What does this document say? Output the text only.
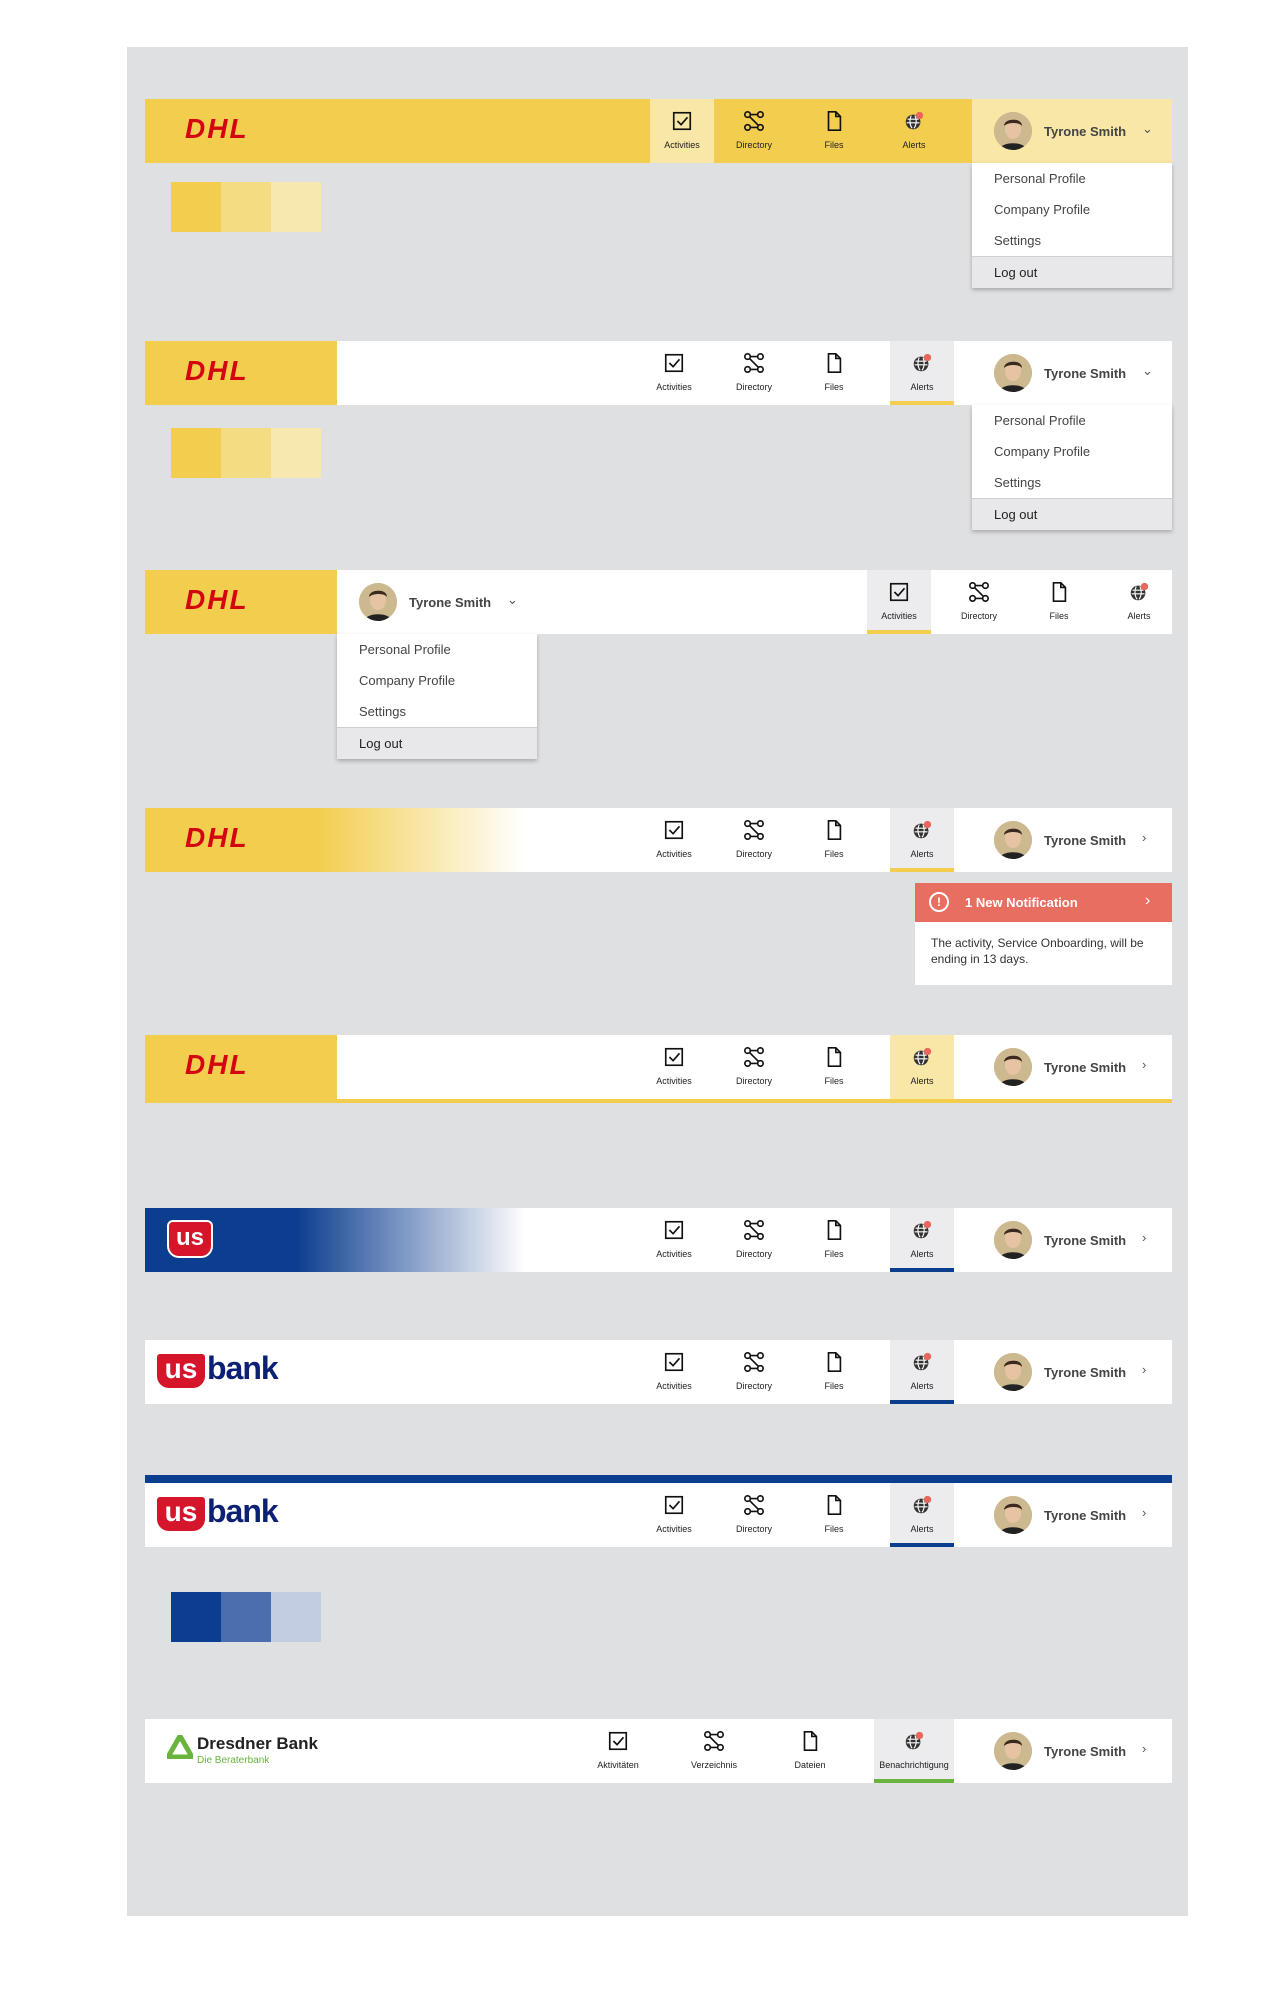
DHL
Activities	Directory	Files	Alerts
Tyrone Smith ⌄
Personal Profile
Company Profile
Settings
Log out
DHL
Activities	Directory	Files	Alerts
Tyrone Smith ⌄
Personal Profile
Company Profile
Settings
Log out
DHL	Tyrone Smith ⌄
Activities	Directory	Files	Alerts
Personal Profile
Company Profile
Settings
Log out
DHL
Activities	Directory	Files	Alerts
Tyrone Smith ›
!	1 New Notification	›
The activity, Service Onboarding, will be ending in 13 days.
DHL
Activities	Directory	Files	Alerts
Tyrone Smith ›
us
Activities	Directory	Files	Alerts
Tyrone Smith ›
us bank	Activities	Directory	Files	Alerts
Tyrone Smith ›
us bank	Activities	Directory	Files	Alerts
Tyrone Smith ›
Dresdner Bank
Die Beraterbank	Aktivitäten	Verzeichnis	Dateien	Benachrichtigung
Tyrone Smith ›
